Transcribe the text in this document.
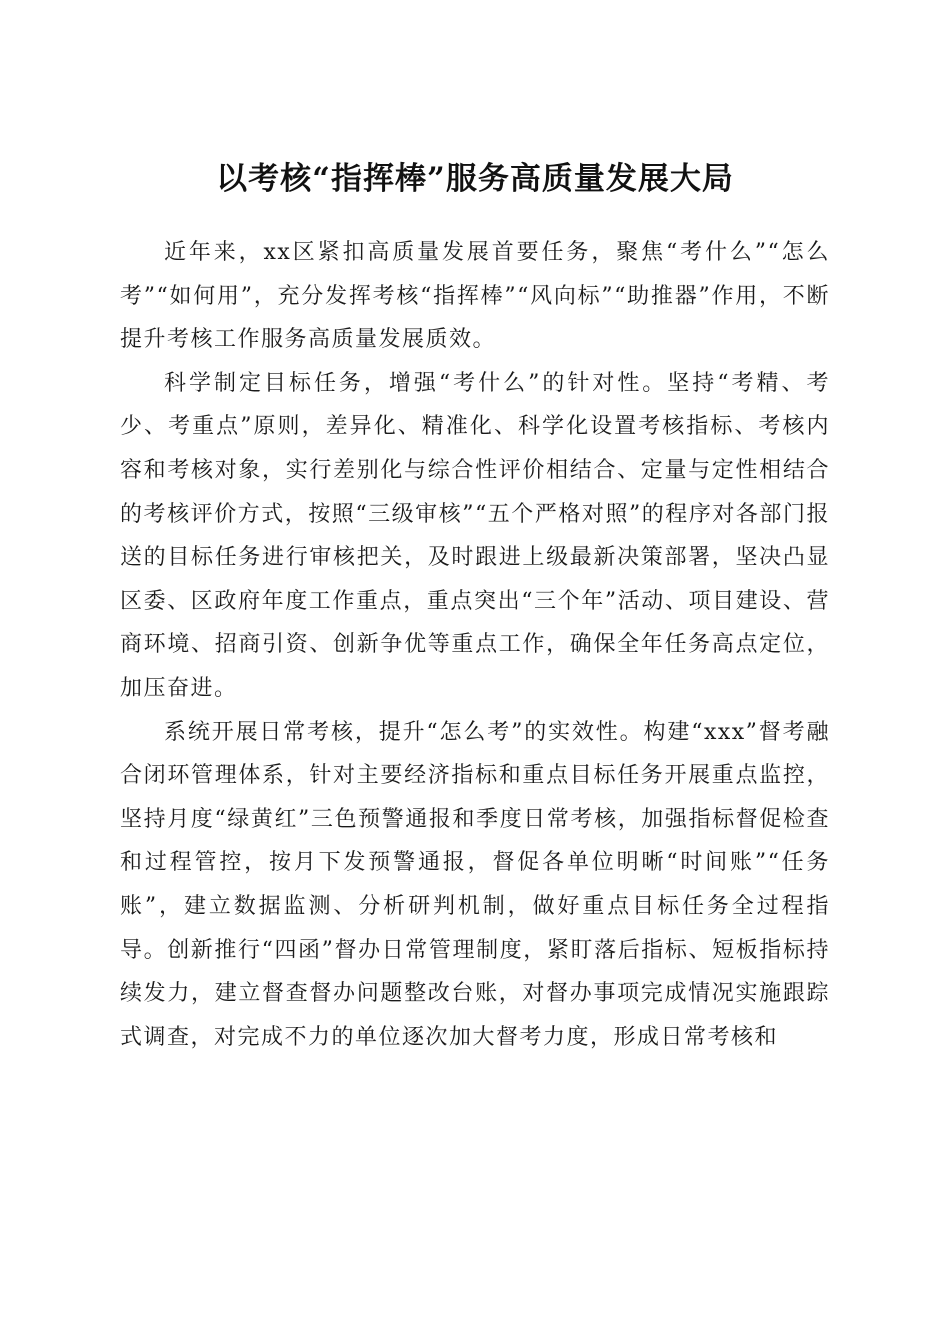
以考核“指挥棒”服务高质量发展大局

近年来，xx区紧扣高质量发展首要任务，聚焦“考什么”“怎么考”“如何用”，充分发挥考核“指挥棒”“风向标”“助推器”作用，不断提升考核工作服务高质量发展质效。

科学制定目标任务，增强“考什么”的针对性。坚持“考精、考少、考重点”原则，差异化、精准化、科学化设置考核指标、考核内容和考核对象，实行差别化与综合性评价相结合、定量与定性相结合的考核评价方式，按照“三级审核”“五个严格对照”的程序对各部门报送的目标任务进行审核把关，及时跟进上级最新决策部署，坚决凸显区委、区政府年度工作重点，重点突出“三个年”活动、项目建设、营商环境、招商引资、创新争优等重点工作，确保全年任务高点定位，加压奋进。

系统开展日常考核，提升“怎么考”的实效性。构建“xxx”督考融合闭环管理体系，针对主要经济指标和重点目标任务开展重点监控，坚持月度“绿黄红”三色预警通报和季度日常考核，加强指标督促检查和过程管控，按月下发预警通报，督促各单位明晰“时间账”“任务账”，建立数据监测、分析研判机制，做好重点目标任务全过程指导。创新推行“四函”督办日常管理制度，紧盯落后指标、短板指标持续发力，建立督查督办问题整改台账，对督办事项完成情况实施跟踪式调查，对完成不力的单位逐次加大督考力度，形成日常考核和
